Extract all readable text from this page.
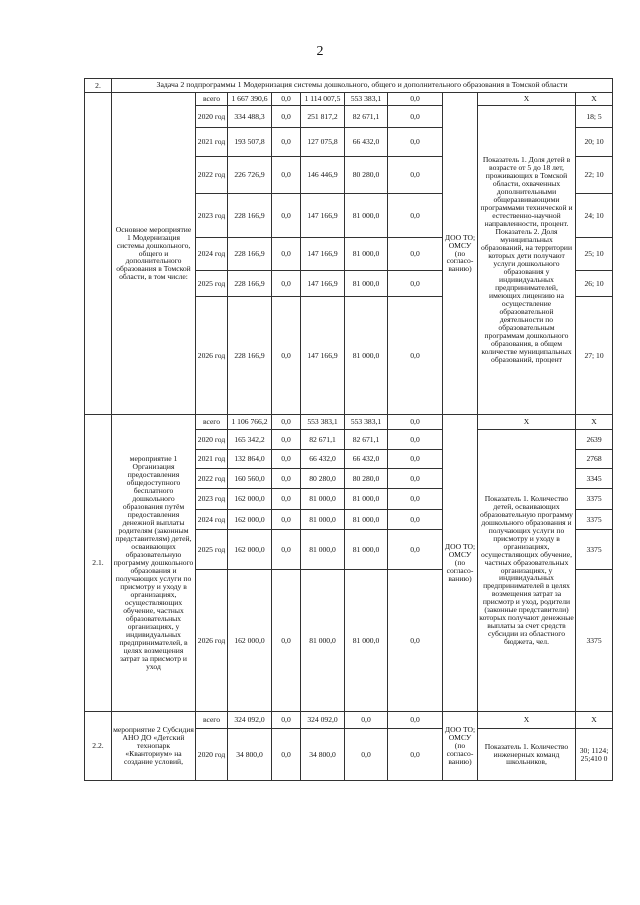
2
2.	Задача 2 подпрограммы 1 Модернизация системы дошкольного, общего и дополнительного образования в Томской области									
	Основное мероприятие 1 Модернизация системы дошкольного, общего и дополнительного образования в Томской области, в том числе:	всего	1 667 390,6	0,0	1 114 007,5	553 383,1	0,0	ДОО ТО; ОМСУ (по согласо-ванию)	Х	Х
		2020 год	334 488,3	0,0	251 817,2	82 671,1	0,0		Показатель 1. Доля детей в возрасте от 5 до 18 лет, проживающих в Томской области, охваченных дополнительными общеразвивающими программами технической и естественно-научной направленности, процент. Показатель 2. Доля муниципальных образований, на территории которых дети получают услуги дошкольного образования у индивидуальных предпринимателей, имеющих лицензию на осуществление образовательной деятельности по образовательным программам дошкольного образования, в общем количестве муниципальных образований, процент	18; 5
		2021 год	193 507,8	0,0	127 075,8	66 432,0	0,0			20; 10
		2022 год	226 726,9	0,0	146 446,9	80 280,0	0,0			22; 10
		2023 год	228 166,9	0,0	147 166,9	81 000,0	0,0			24; 10
		2024 год	228 166,9	0,0	147 166,9	81 000,0	0,0			25; 10
		2025 год	228 166,9	0,0	147 166,9	81 000,0	0,0			26; 10
		2026 год	228 166,9	0,0	147 166,9	81 000,0	0,0			27; 10
2.1.	мероприятие 1 Организация предоставления общедоступного бесплатного дошкольного образования путём предоставления денежной выплаты родителям (законным представителям) детей, осваивающих образовательную программу дошкольного образования и получающих услуги по присмотру и уходу в организациях, осуществляющих обучение, частных образовательных организациях, у индивидуальных предпринимателей, в целях возмещения затрат за присмотр и уход	всего	1 106 766,2	0,0	553 383,1	553 383,1	0,0	ДОО ТО; ОМСУ (по согласо-ванию)	Х	Х
		2020 год	165 342,2	0,0	82 671,1	82 671,1	0,0		Показатель 1. Количество детей, осваивающих образовательную программу дошкольного образования и получающих услуги по присмотру и уходу в организациях, осуществляющих обучение, частных образовательных организациях, у индивидуальных предпринимателей в целях возмещения затрат за присмотр и уход, родители (законные представители) которых получают денежные выплаты за счет средств субсидии из областного бюджета, чел.	2639
		2021 год	132 864,0	0,0	66 432,0	66 432,0	0,0			2768
		2022 год	160 560,0	0,0	80 280,0	80 280,0	0,0			3345
		2023 год	162 000,0	0,0	81 000,0	81 000,0	0,0			3375
		2024 год	162 000,0	0,0	81 000,0	81 000,0	0,0			3375
		2025 год	162 000,0	0,0	81 000,0	81 000,0	0,0			3375
		2026 год	162 000,0	0,0	81 000,0	81 000,0	0,0			3375
2.2.	мероприятие 2 Субсидия АНО ДО «Детский технопарк «Кванториум» на создание условий,	всего	324 092,0	0,0	324 092,0	0,0	0,0	ДОО ТО; ОМСУ (по согласо-ванию)	Х	Х
		2020 год	34 800,0	0,0	34 800,0	0,0	0,0		Показатель 1. Количество инженерных команд школьников,	30; 1124; 25;410 0
